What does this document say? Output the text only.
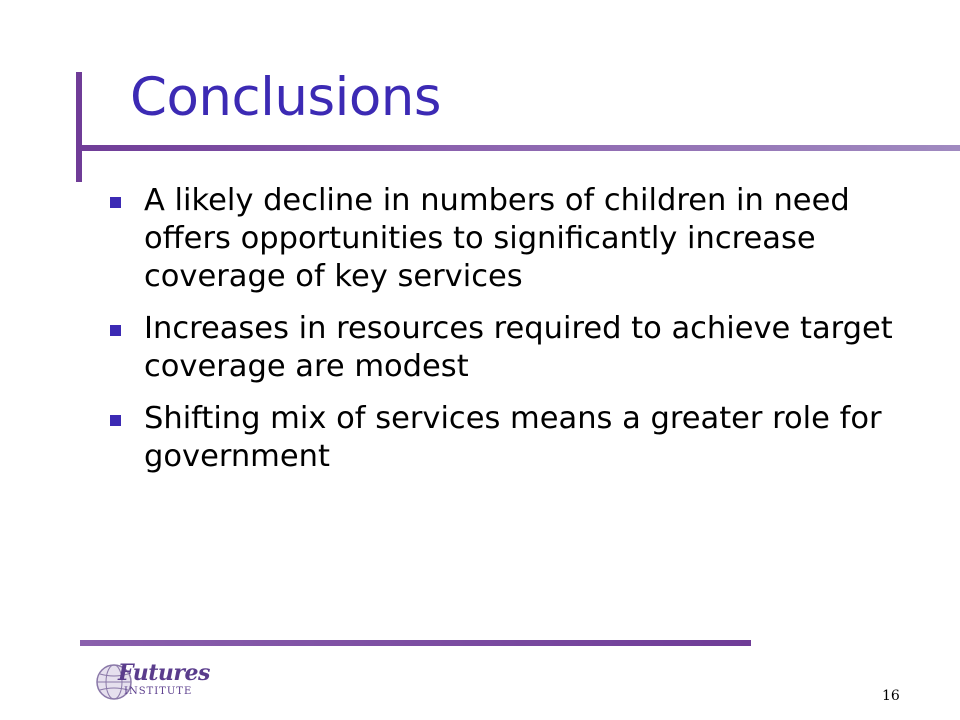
Conclusions
A likely decline in numbers of children in need offers opportunities to significantly increase coverage of key services
Increases in resources required to achieve target coverage are modest
Shifting mix of services means a greater role for government
Futures
INSTITUTE	16
